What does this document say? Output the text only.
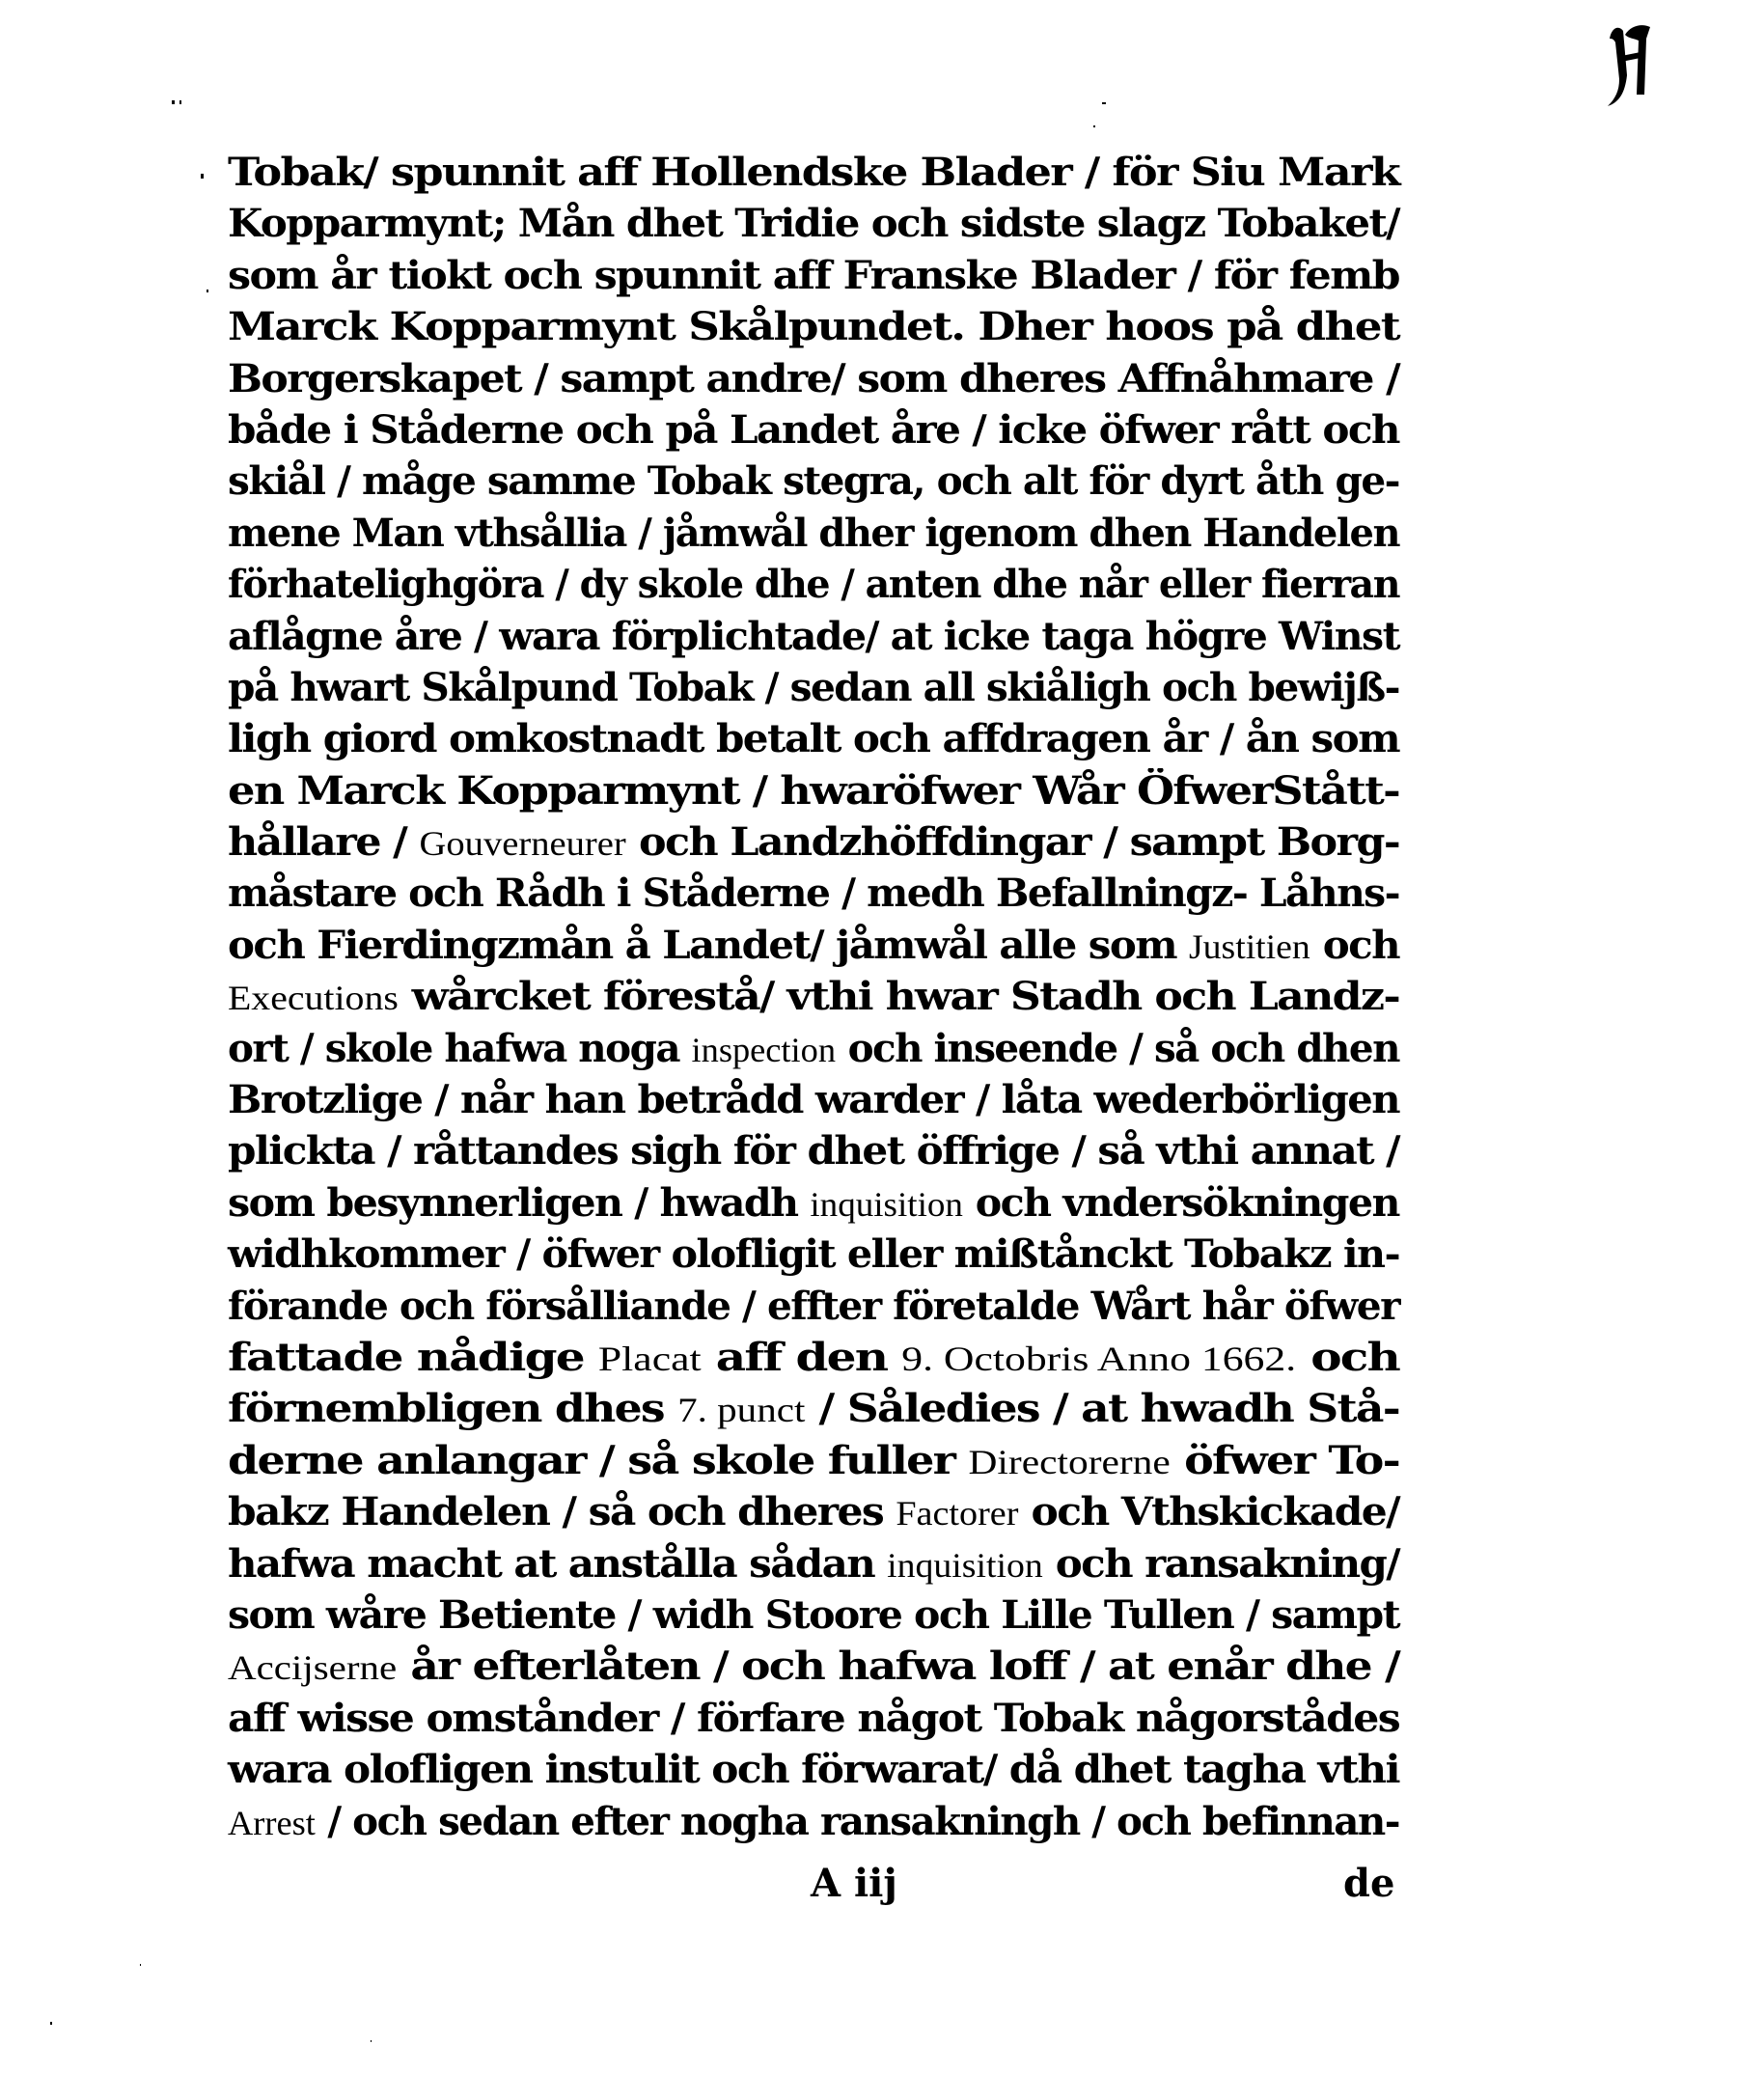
Tobak/ spunnit aff Hollendske Blader / för Siu Mark
Kopparmynt; Mån dhet Tridie och sidste slagz Tobaket/
som år tiokt och spunnit aff Franske Blader / för femb
Marck Kopparmynt Skålpundet. Dher hoos på dhet
Borgerskapet / sampt andre/ som dheres Affnåhmare /
både i Ståderne och på Landet åre / icke öfwer rått och
skiål / måge samme Tobak stegra, och alt för dyrt åth ge-
mene Man vthsållia / jåmwål dher igenom dhen Handelen
förhatelighgöra / dy skole dhe / anten dhe når eller fierran
aflågne åre / wara förplichtade/ at icke taga högre Winst
på hwart Skålpund Tobak / sedan all skiåligh och bewijß-
ligh giord omkostnadt betalt och affdragen år / ån som
en Marck Kopparmynt / hwaröfwer Wår ÖfwerStått-
hållare / Gouverneurer och Landzhöffdingar / sampt Borg-
måstare och Rådh i Ståderne / medh Befallningz- Låhns-
och Fierdingzmån å Landet/ jåmwål alle som Justitien och
Executions wårcket förestå/ vthi hwar Stadh och Landz-
ort / skole hafwa noga inspection och inseende / så och dhen
Brotzlige / når han betrådd warder / låta wederbörligen
plickta / råttandes sigh för dhet öffrige / så vthi annat /
som besynnerligen / hwadh inquisition och vndersökningen
widhkommer / öfwer olofligit eller mißtånckt Tobakz in-
förande och försålliande / effter företalde Wårt hår öfwer
fattade nådige Placat aff den 9. Octobris Anno 1662. och
förnembligen dhes 7. punct / Såledies / at hwadh Stå-
derne anlangar / så skole fuller Directorerne öfwer To-
bakz Handelen / så och dheres Factorer och Vthskickade/
hafwa macht at anstålla sådan inquisition och ransakning/
som wåre Betiente / widh Stoore och Lille Tullen / sampt
Accijserne år efterlåten / och hafwa loff / at enår dhe /
aff wisse omstånder / förfare något Tobak någorstådes
wara olofligen instulit och förwarat/ då dhet tagha vthi
Arrest / och sedan efter nogha ransakningh / och befinnan-
A iij	de
